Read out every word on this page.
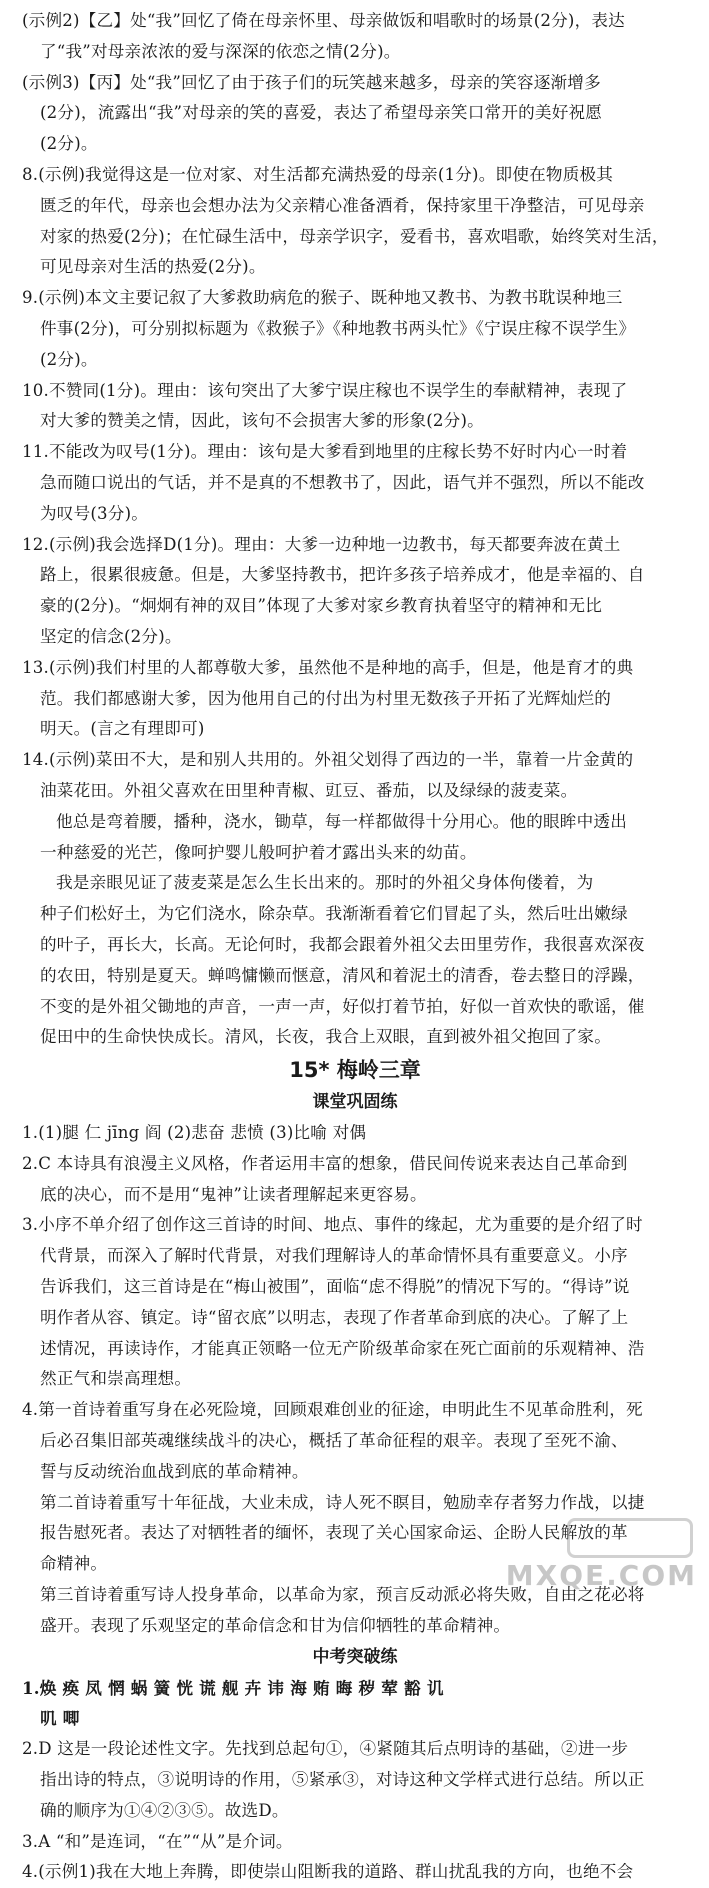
(示例2)【乙】处“我”回忆了倚在母亲怀里、母亲做饭和唱歌时的场景(2分)，表达
了“我”对母亲浓浓的爱与深深的依恋之情(2分)。
(示例3)【丙】处“我”回忆了由于孩子们的玩笑越来越多，母亲的笑容逐渐增多
(2分)，流露出“我”对母亲的笑的喜爱，表达了希望母亲笑口常开的美好祝愿
(2分)。
8.(示例)我觉得这是一位对家、对生活都充满热爱的母亲(1分)。即使在物质极其
匮乏的年代，母亲也会想办法为父亲精心准备酒肴，保持家里干净整洁，可见母亲
对家的热爱(2分)；在忙碌生活中，母亲学识字，爱看书，喜欢唱歌，始终笑对生活，
可见母亲对生活的热爱(2分)。
9.(示例)本文主要记叙了大爹救助病危的猴子、既种地又教书、为教书耽误种地三
件事(2分)，可分别拟标题为《救猴子》《种地教书两头忙》《宁误庄稼不误学生》
(2分)。
10.不赞同(1分)。理由：该句突出了大爹宁误庄稼也不误学生的奉献精神，表现了
对大爹的赞美之情，因此，该句不会损害大爹的形象(2分)。
11.不能改为叹号(1分)。理由：该句是大爹看到地里的庄稼长势不好时内心一时着
急而随口说出的气话，并不是真的不想教书了，因此，语气并不强烈，所以不能改
为叹号(3分)。
12.(示例)我会选择D(1分)。理由：大爹一边种地一边教书，每天都要奔波在黄土
路上，很累很疲惫。但是，大爹坚持教书，把许多孩子培养成才，他是幸福的、自
豪的(2分)。“炯炯有神的双目”体现了大爹对家乡教育执着坚守的精神和无比
坚定的信念(2分)。
13.(示例)我们村里的人都尊敬大爹，虽然他不是种地的高手，但是，他是育才的典
范。我们都感谢大爹，因为他用自己的付出为村里无数孩子开拓了光辉灿烂的
明天。(言之有理即可)
14.(示例)菜田不大，是和别人共用的。外祖父划得了西边的一半，靠着一片金黄的
油菜花田。外祖父喜欢在田里种青椒、豇豆、番茄，以及绿绿的菠麦菜。
他总是弯着腰，播种，浇水，锄草，每一样都做得十分用心。他的眼眸中透出
一种慈爱的光芒，像呵护婴儿般呵护着才露出头来的幼苗。
我是亲眼见证了菠麦菜是怎么生长出来的。那时的外祖父身体佝偻着，为
种子们松好土，为它们浇水，除杂草。我渐渐看着它们冒起了头，然后吐出嫩绿
的叶子，再长大，长高。无论何时，我都会跟着外祖父去田里劳作，我很喜欢深夜
的农田，特别是夏天。蝉鸣慵懒而惬意，清风和着泥土的清香，卷去整日的浮躁，
不变的是外祖父锄地的声音，一声一声，好似打着节拍，好似一首欢快的歌谣，催
促田中的生命快快成长。清风，长夜，我合上双眼，直到被外祖父抱回了家。
15* 梅岭三章
课堂巩固练
1.(1)腿 仁 jīng 阎 (2)悲奋 悲愤 (3)比喻 对偶
2.C 本诗具有浪漫主义风格，作者运用丰富的想象，借民间传说来表达自己革命到
底的决心，而不是用“鬼神”让读者理解起来更容易。
3.小序不单介绍了创作这三首诗的时间、地点、事件的缘起，尤为重要的是介绍了时
代背景，而深入了解时代背景，对我们理解诗人的革命情怀具有重要意义。小序
告诉我们，这三首诗是在“梅山被围”，面临“虑不得脱”的情况下写的。“得诗”说
明作者从容、镇定。诗“留衣底”以明志，表现了作者革命到底的决心。了解了上
述情况，再读诗作，才能真正领略一位无产阶级革命家在死亡面前的乐观精神、浩
然正气和崇高理想。
4.第一首诗着重写身在必死险境，回顾艰难创业的征途，申明此生不见革命胜利，死
后必召集旧部英魂继续战斗的决心，概括了革命征程的艰辛。表现了至死不渝、
誓与反动统治血战到底的革命精神。
第二首诗着重写十年征战，大业未成，诗人死不瞑目，勉励幸存者努力作战，以捷
报告慰死者。表达了对牺牲者的缅怀，表现了关心国家命运、企盼人民解放的革
命精神。
第三首诗着重写诗人投身革命，以革命为家，预言反动派必将失败，自由之花必将
盛开。表现了乐观坚定的革命信念和甘为信仰牺牲的革命精神。
中考突破练
1.焕 痪 凤 惘 蜗 簧 恍 谎 舰 卉 讳 海 贿 晦 秽 荤 豁 讥
叽 唧
2.D 这是一段论述性文字。先找到总起句①，④紧随其后点明诗的基础，②进一步
指出诗的特点，③说明诗的作用，⑤紧承③，对诗这种文学样式进行总结。所以正
确的顺序为①④②③⑤。故选D。
3.A “和”是连词，“在”“从”是介词。
4.(示例1)我在大地上奔腾，即使崇山阻断我的道路、群山扰乱我的方向，也绝不会
MXQE.COM
